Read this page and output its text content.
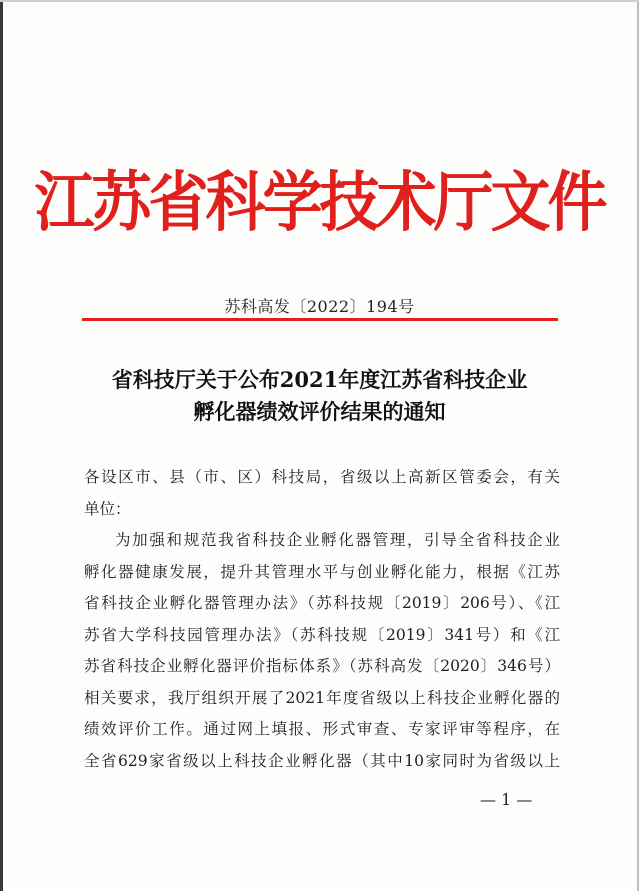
江苏省科学技术厅文件
苏科高发〔2022〕194号
省科技厅关于公布2021年度江苏省科技企业
孵化器绩效评价结果的通知
各设区市、县（市、区）科技局，省级以上高新区管委会，有关
单位：
为加强和规范我省科技企业孵化器管理，引导全省科技企业
孵化器健康发展，提升其管理水平与创业孵化能力，根据《江苏
省科技企业孵化器管理办法》（苏科技规〔2019〕206号）、《江
苏省大学科技园管理办法》（苏科技规〔2019〕341号）和《江
苏省科技企业孵化器评价指标体系》（苏科高发〔2020〕346号）
相关要求，我厅组织开展了2021年度省级以上科技企业孵化器的
绩效评价工作。通过网上填报、形式审查、专家评审等程序，在
全省629家省级以上科技企业孵化器（其中10家同时为省级以上
— 1 —
